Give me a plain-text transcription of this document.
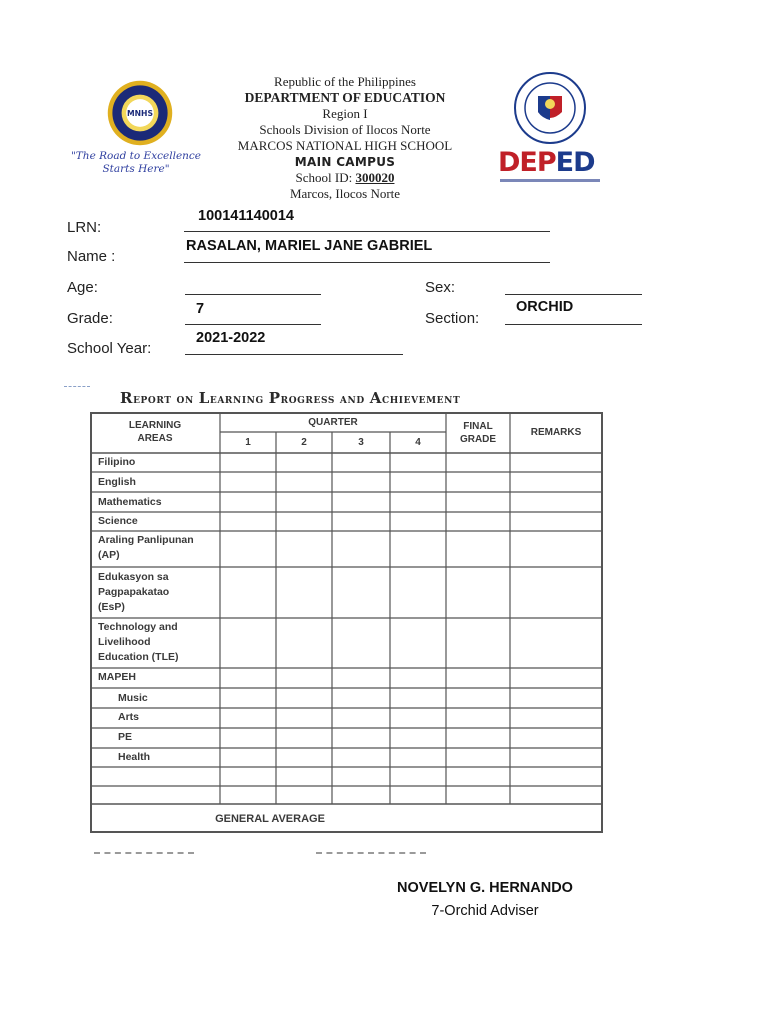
MNHS
"The Road to Excellence
Starts Here"
Republic of the Philippines
DEPARTMENT OF EDUCATION
Region I
Schools Division of Ilocos Norte
MARCOS NATIONAL HIGH SCHOOL
MAIN CAMPUS
School ID: 300020
Marcos, Ilocos Norte
DEPED
LRN:
100141140014
Name :
RASALAN, MARIEL JANE GABRIEL
Age:	Sex:
Grade:
7
Section:
ORCHID
School Year:
2021-2022
Report on Learning Progress and Achievement
LEARNING
AREAS
QUARTER
1	2	3	4
FINAL
GRADE
REMARKS
Filipino
English
Mathematics
Science
Araling Panlipunan
(AP)
Edukasyon sa
Pagpapakatao
(EsP)
Technology and
Livelihood
Education (TLE)
MAPEH
Music
Arts
PE
Health
GENERAL AVERAGE
NOVELYN G. HERNANDO
7-Orchid Adviser
